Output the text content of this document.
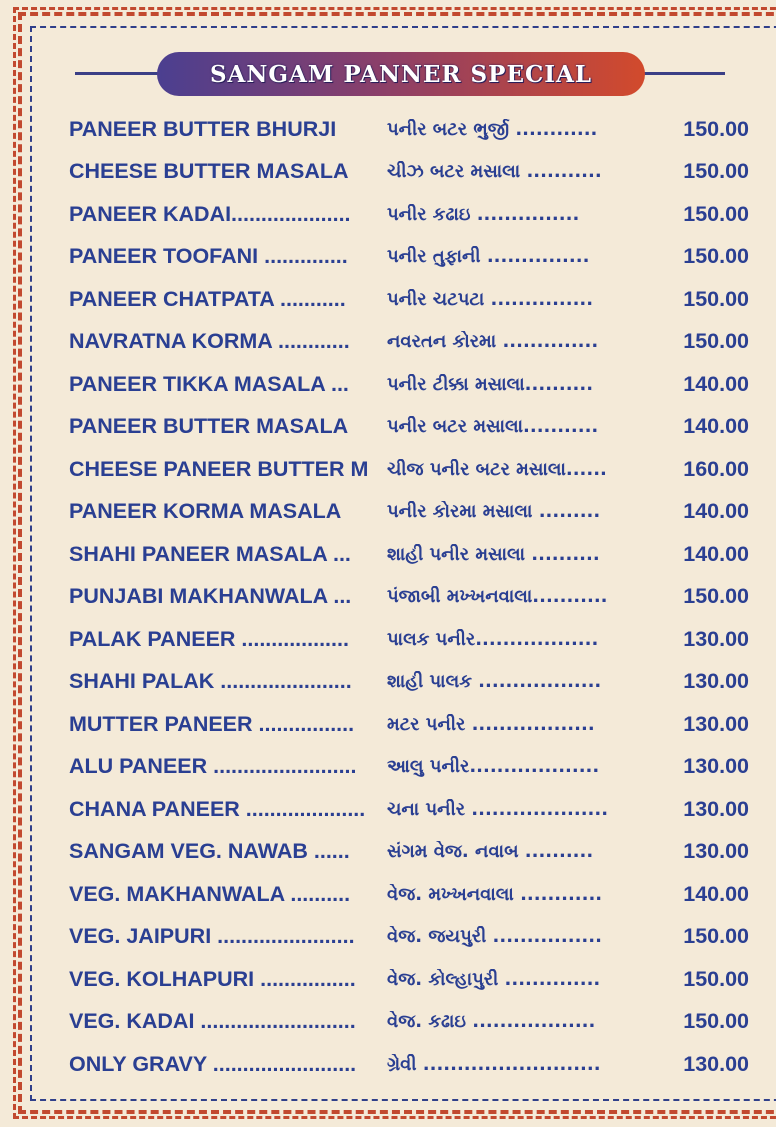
SANGAM PANNER SPECIAL
PANEER BUTTER BHURJI	પનીર બટર ભુર્જી ............	150.00
CHEESE BUTTER MASALA	ચીઝ બટર મસાલા ...........	150.00
PANEER KADAI....................	પનીર કઢાઇ ...............	150.00
PANEER TOOFANI ..............	પનીર તુફાની ...............	150.00
PANEER CHATPATA ...........	પનીર ચટપટા ...............	150.00
NAVRATNA KORMA ............	નવરતન કોરમા ..............	150.00
PANEER TIKKA MASALA ...	પનીર ટીક્કા મસાલા..........	140.00
PANEER BUTTER MASALA	પનીર બટર મસાલા...........	140.00
CHEESE PANEER BUTTER M	ચીજ પનીર બટર મસાલા......	160.00
PANEER KORMA MASALA	પનીર કોરમા મસાલા .........	140.00
SHAHI PANEER MASALA ...	શાહી પનીર મસાલા ..........	140.00
PUNJABI MAKHANWALA ...	પંજાબી મખ્ખનવાલા...........	150.00
PALAK PANEER ..................	પાલક પનીર..................	130.00
SHAHI PALAK ......................	શાહી પાલક ..................	130.00
MUTTER PANEER ................	મટર પનીર ..................	130.00
ALU PANEER ........................	આલુ પનીર...................	130.00
CHANA PANEER ....................	ચના પનીર ....................	130.00
SANGAM VEG. NAWAB ......	સંગમ વેજ. નવાબ ..........	130.00
VEG. MAKHANWALA ..........	વેજ. મખ્ખનવાલા ............	140.00
VEG. JAIPURI .......................	વેજ. જયપુરી ................	150.00
VEG. KOLHAPURI ................	વેજ. કોલ્હાપુરી ..............	150.00
VEG. KADAI ..........................	વેજ. કઢાઇ ..................	150.00
ONLY GRAVY ........................	ગ્રેવી ..........................	130.00
